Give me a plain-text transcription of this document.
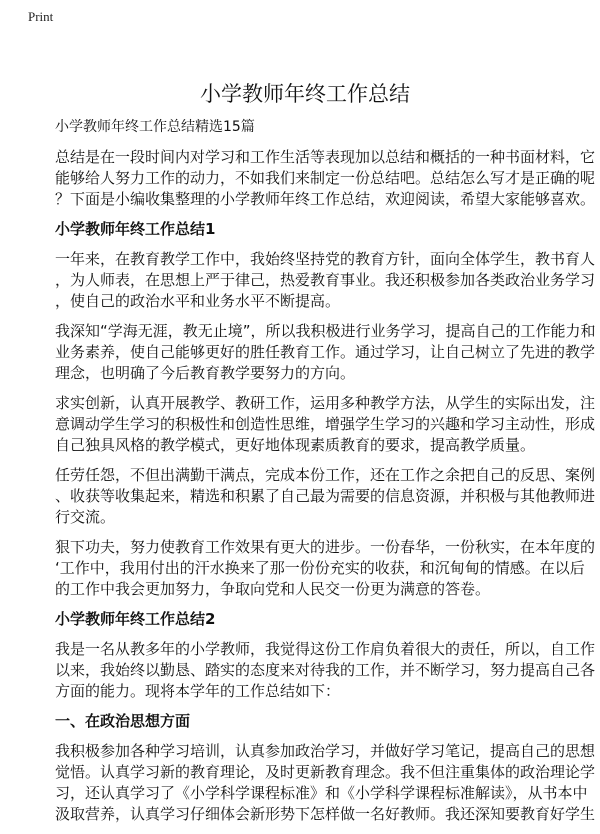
Print
小学教师年终工作总结
小学教师年终工作总结精选15篇
总结是在一段时间内对学习和工作生活等表现加以总结和概括的一种书面材料，它
能够给人努力工作的动力，不如我们来制定一份总结吧。总结怎么写才是正确的呢
？下面是小编收集整理的小学教师年终工作总结，欢迎阅读，希望大家能够喜欢。
小学教师年终工作总结1
一年来，在教育教学工作中，我始终坚持党的教育方针，面向全体学生，教书育人
，为人师表，在思想上严于律己，热爱教育事业。我还积极参加各类政治业务学习
，使自己的政治水平和业务水平不断提高。
我深知“学海无涯，教无止境”，所以我积极进行业务学习，提高自己的工作能力和
业务素养，使自己能够更好的胜任教育工作。通过学习，让自己树立了先进的教学
理念，也明确了今后教育教学要努力的方向。
求实创新，认真开展教学、教研工作，运用多种教学方法，从学生的实际出发，注
意调动学生学习的积极性和创造性思维，增强学生学习的兴趣和学习主动性，形成
自己独具风格的教学模式，更好地体现素质教育的要求，提高教学质量。
任劳任怨，不但出满勤干满点，完成本份工作，还在工作之余把自己的反思、案例
、收获等收集起来，精选和积累了自己最为需要的信息资源，并积极与其他教师进
行交流。
狠下功夫，努力使教育工作效果有更大的进步。一份春华，一份秋实，在本年度的
‘工作中，我用付出的汗水换来了那一份份充实的收获，和沉甸甸的情感。在以后
的工作中我会更加努力，争取向党和人民交一份更为满意的答卷。
小学教师年终工作总结2
我是一名从教多年的小学教师，我觉得这份工作肩负着很大的责任，所以，自工作
以来，我始终以勤恳、踏实的态度来对待我的工作，并不断学习，努力提高自己各
方面的能力。现将本学年的工作总结如下：
一、在政治思想方面
我积极参加各种学习培训，认真参加政治学习，并做好学习笔记，提高自己的思想
觉悟。认真学习新的教育理论，及时更新教育理念。我不但注重集体的政治理论学
习，还认真学习了《小学科学课程标准》和《小学科学课程标准解读》，从书本中
汲取营养，认真学习仔细体会新形势下怎样做一名好教师。我还深知要教育好学生
